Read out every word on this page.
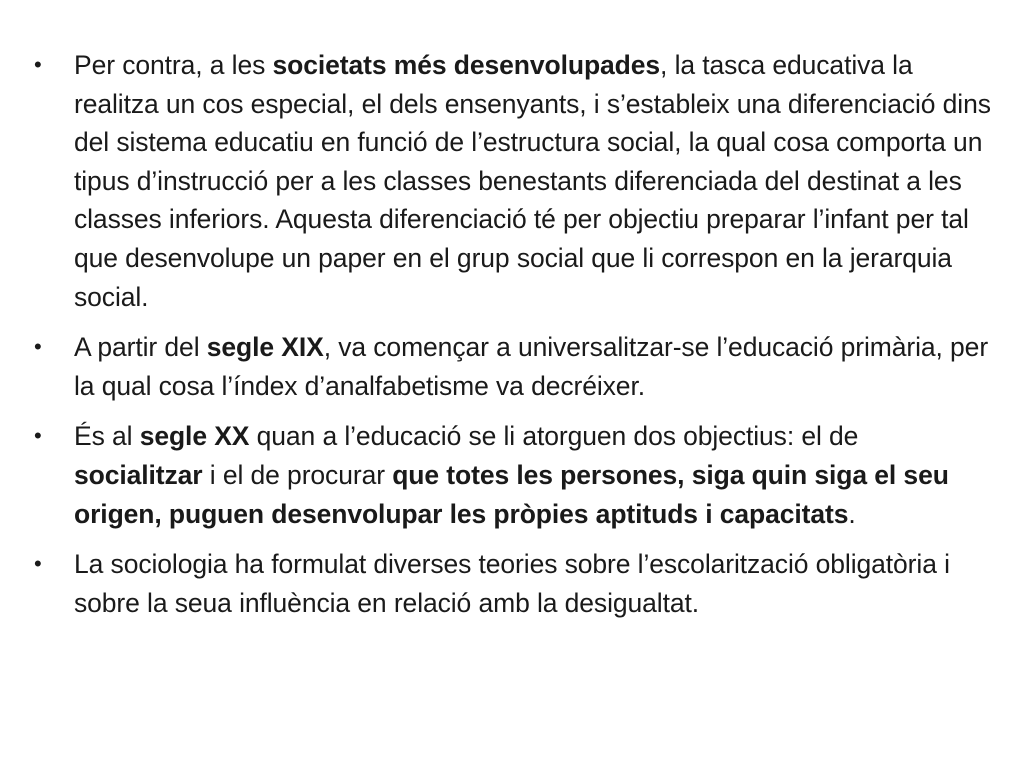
•	Per contra, a les societats més desenvolupades, la tasca educativa la realitza un cos especial, el dels ensenyants, i s’estableix una diferenciació dins del sistema educatiu en funció de l’estructura social, la qual cosa comporta un tipus d’instrucció per a les classes benestants diferenciada del destinat a les classes inferiors. Aquesta diferenciació té per objectiu preparar l’infant per tal que desenvolupe un paper en el grup social que li correspon en la jerarquia social.
•	A partir del segle XIX, va començar a universalitzar-se l’educació primària, per la qual cosa l’índex d’analfabetisme va decréixer.
•	És al segle XX quan a l’educació se li atorguen dos objectius: el de socialitzar i el de procurar que totes les persones, siga quin siga el seu origen, puguen desenvolupar les pròpies aptituds i capacitats.
•	La sociologia ha formulat diverses teories sobre l’escolarització obligatòria i sobre la seua influència en relació amb la desigualtat.
